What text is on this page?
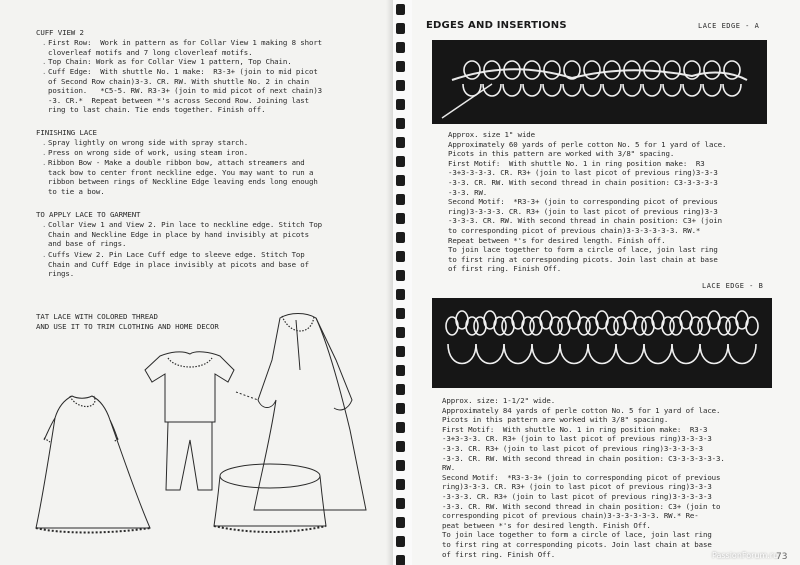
CUFF VIEW 2
. First Row:  Work in pattern as for Collar View 1 making 8 short
cloverleaf motifs and 7 long cloverleaf motifs.
. Top Chain: Work as for Collar View 1 pattern, Top Chain.
. Cuff Edge:  With shuttle No. 1 make:  R3-3+ (join to mid picot
of Second Row chain)3-3. CR. RW. With shuttle No. 2 in chain
position.   *C5-5. RW. R3-3+ (join to mid picot of next chain)3
-3. CR.*  Repeat between *'s across Second Row. Joining last
ring to last chain. Tie ends together. Finish off.
FINISHING LACE
. Spray lightly on wrong side with spray starch.
. Press on wrong side of work, using steam iron.
. Ribbon Bow - Make a double ribbon bow, attach streamers and
tack bow to center front neckline edge. You may want to run a
ribbon between rings of Neckline Edge leaving ends long enough
to tie a bow.
TO APPLY LACE TO GARMENT
. Collar View 1 and View 2. Pin lace to neckline edge. Stitch Top
Chain and Neckline Edge in place by hand invisibly at picots
and base of rings.
. Cuffs View 2. Pin Lace Cuff edge to sleeve edge. Stitch Top
Chain and Cuff Edge in place invisibly at picots and base of
rings.
TAT LACE WITH COLORED THREAD
AND USE IT TO TRIM CLOTHING AND HOME DECOR
EDGES AND INSERTIONS	LACE EDGE - A
Approx. size 1" wide
Approximately 60 yards of perle cotton No. 5 for 1 yard of lace.
Picots in this pattern are worked with 3/8" spacing.
First Motif:  With shuttle No. 1 in ring position make:  R3
-3+3-3-3-3. CR. R3+ (join to last picot of previous ring)3-3-3
-3-3. CR. RW. With second thread in chain position: C3-3-3-3-3
-3-3. RW.
Second Motif:  *R3-3+ (join to corresponding picot of previous
ring)3-3-3-3. CR. R3+ (join to last picot of previous ring)3-3
-3-3-3. CR. RW. With second thread in chain position: C3+ (join
to corresponding picot of previous chain)3-3-3-3-3-3. RW.*
Repeat between *'s for desired length. Finish off.
To join lace together to form a circle of lace, join last ring
to first ring at corresponding picots. Join last chain at base
of first ring. Finish Off.
LACE EDGE - B
Approx. size: 1-1/2" wide.
Approximately 84 yards of perle cotton No. 5 for 1 yard of lace.
Picots in this pattern are worked with 3/8" spacing.
First Motif:  With shuttle No. 1 in ring position make:  R3-3
-3+3-3-3. CR. R3+ (join to last picot of previous ring)3-3-3-3
-3-3. CR. R3+ (join to last picot of previous ring)3-3-3-3-3
-3-3. CR. RW. With second thread in chain position: C3-3-3-3-3-3.
RW.
Second Motif:  *R3-3-3+ (join to corresponding picot of previous
ring)3-3-3. CR. R3+ (join to last picot of previous ring)3-3-3
-3-3-3. CR. R3+ (join to last picot of previous ring)3-3-3-3-3
-3-3. CR. RW. With second thread in chain position: C3+ (join to
corresponding picot of previous chain)3-3-3-3-3-3. RW.* Re-
peat between *'s for desired length. Finish Off.
To join lace together to form a circle of lace, join last ring
to first ring at corresponding picots. Join last chain at base
of first ring. Finish Off.	73
PassionForum.ru
